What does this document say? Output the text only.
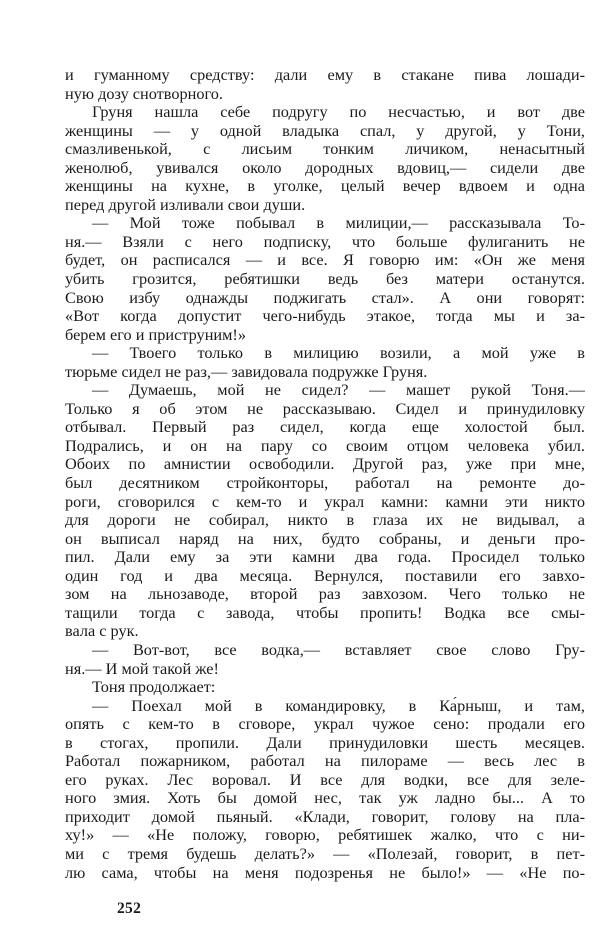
и гуманному средству: дали ему в стакане пива лошади-
ную дозу снотворного.
Груня нашла себе подругу по несчастью, и вот две
женщины — у одной владыка спал, у другой, у Тони,
смазливенькой, с лисьим тонким личиком, ненасытный
женолюб, увивался около дородных вдовиц,— сидели две
женщины на кухне, в уголке, целый вечер вдвоем и одна
перед другой изливали свои души.
— Мой тоже побывал в милиции,— рассказывала То-
ня.— Взяли с него подписку, что больше фулиганить не
будет, он расписался — и все. Я говорю им: «Он же меня
убить грозится, ребятишки ведь без матери останутся.
Свою избу однажды поджигать стал». А они говорят:
«Вот когда допустит чего-нибудь этакое, тогда мы и за-
берем его и приструним!»
— Твоего только в милицию возили, а мой уже в
тюрьме сидел не раз,— завидовала подружке Груня.
— Думаешь, мой не сидел? — машет рукой Тоня.—
Только я об этом не рассказываю. Сидел и принудиловку
отбывал. Первый раз сидел, когда еще холостой был.
Подрались, и он на пару со своим отцом человека убил.
Обоих по амнистии освободили. Другой раз, уже при мне,
был десятником стройконторы, работал на ремонте до-
роги, сговорился с кем-то и украл камни: камни эти никто
для дороги не собирал, никто в глаза их не видывал, а
он выписал наряд на них, будто собраны, и деньги про-
пил. Дали ему за эти камни два года. Просидел только
один год и два месяца. Вернулся, поставили его завхо-
зом на льнозаводе, второй раз завхозом. Чего только не
тащили тогда с завода, чтобы пропить! Водка все смы-
вала с рук.
— Вот-вот, все водка,— вставляет свое слово Гру-
ня.— И мой такой же!
Тоня продолжает:
— Поехал мой в командировку, в Ка́рныш, и там,
опять с кем-то в сговоре, украл чужое сено: продали его
в стогах, пропили. Дали принудиловки шесть месяцев.
Работал пожарником, работал на пилораме — весь лес в
его руках. Лес воровал. И все для водки, все для зеле-
ного змия. Хоть бы домой нес, так уж ладно бы... А то
приходит домой пьяный. «Клади, говорит, голову на пла-
ху!» — «Не положу, говорю, ребятишек жалко, что с ни-
ми с тремя будешь делать?» — «Полезай, говорит, в пет-
лю сама, чтобы на меня подозренья не было!» — «Не по-
252
